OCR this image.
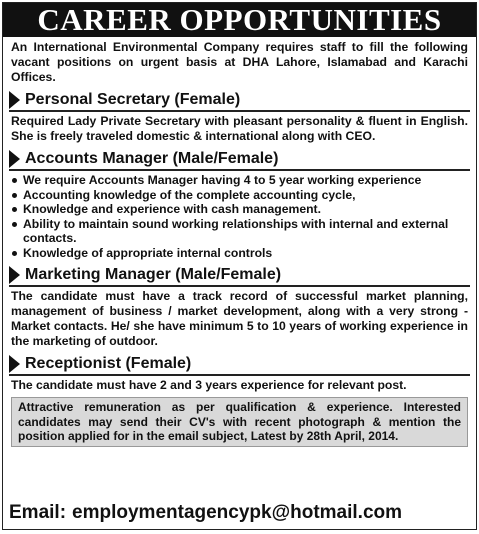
CAREER OPPORTUNITIES
An International Environmental Company requires staff to fill the following vacant positions on urgent basis at DHA Lahore, Islamabad and Karachi Offices.
Personal Secretary (Female)
Required Lady Private Secretary with pleasant personality & fluent in English. She is freely traveled domestic & international along with CEO.
Accounts Manager (Male/Female)
We require Accounts Manager having 4 to 5 year working experience
Accounting knowledge of the complete accounting cycle,
Knowledge and experience with cash management.
Ability to maintain sound working relationships with internal and external contacts.
Knowledge of appropriate internal controls
Marketing Manager (Male/Female)
The candidate must have a track record of successful market planning, management of business / market development, along with a very strong - Market contacts. He/ she have minimum 5 to 10 years of working experience in the marketing of outdoor.
Receptionist (Female)
The candidate must have 2 and 3 years experience for relevant post.
Attractive remuneration as per qualification & experience. Interested candidates may send their CV's with recent photograph & mention the position applied for in the email subject, Latest by 28th April, 2014.
Email: employmentagencypk@hotmail.com
